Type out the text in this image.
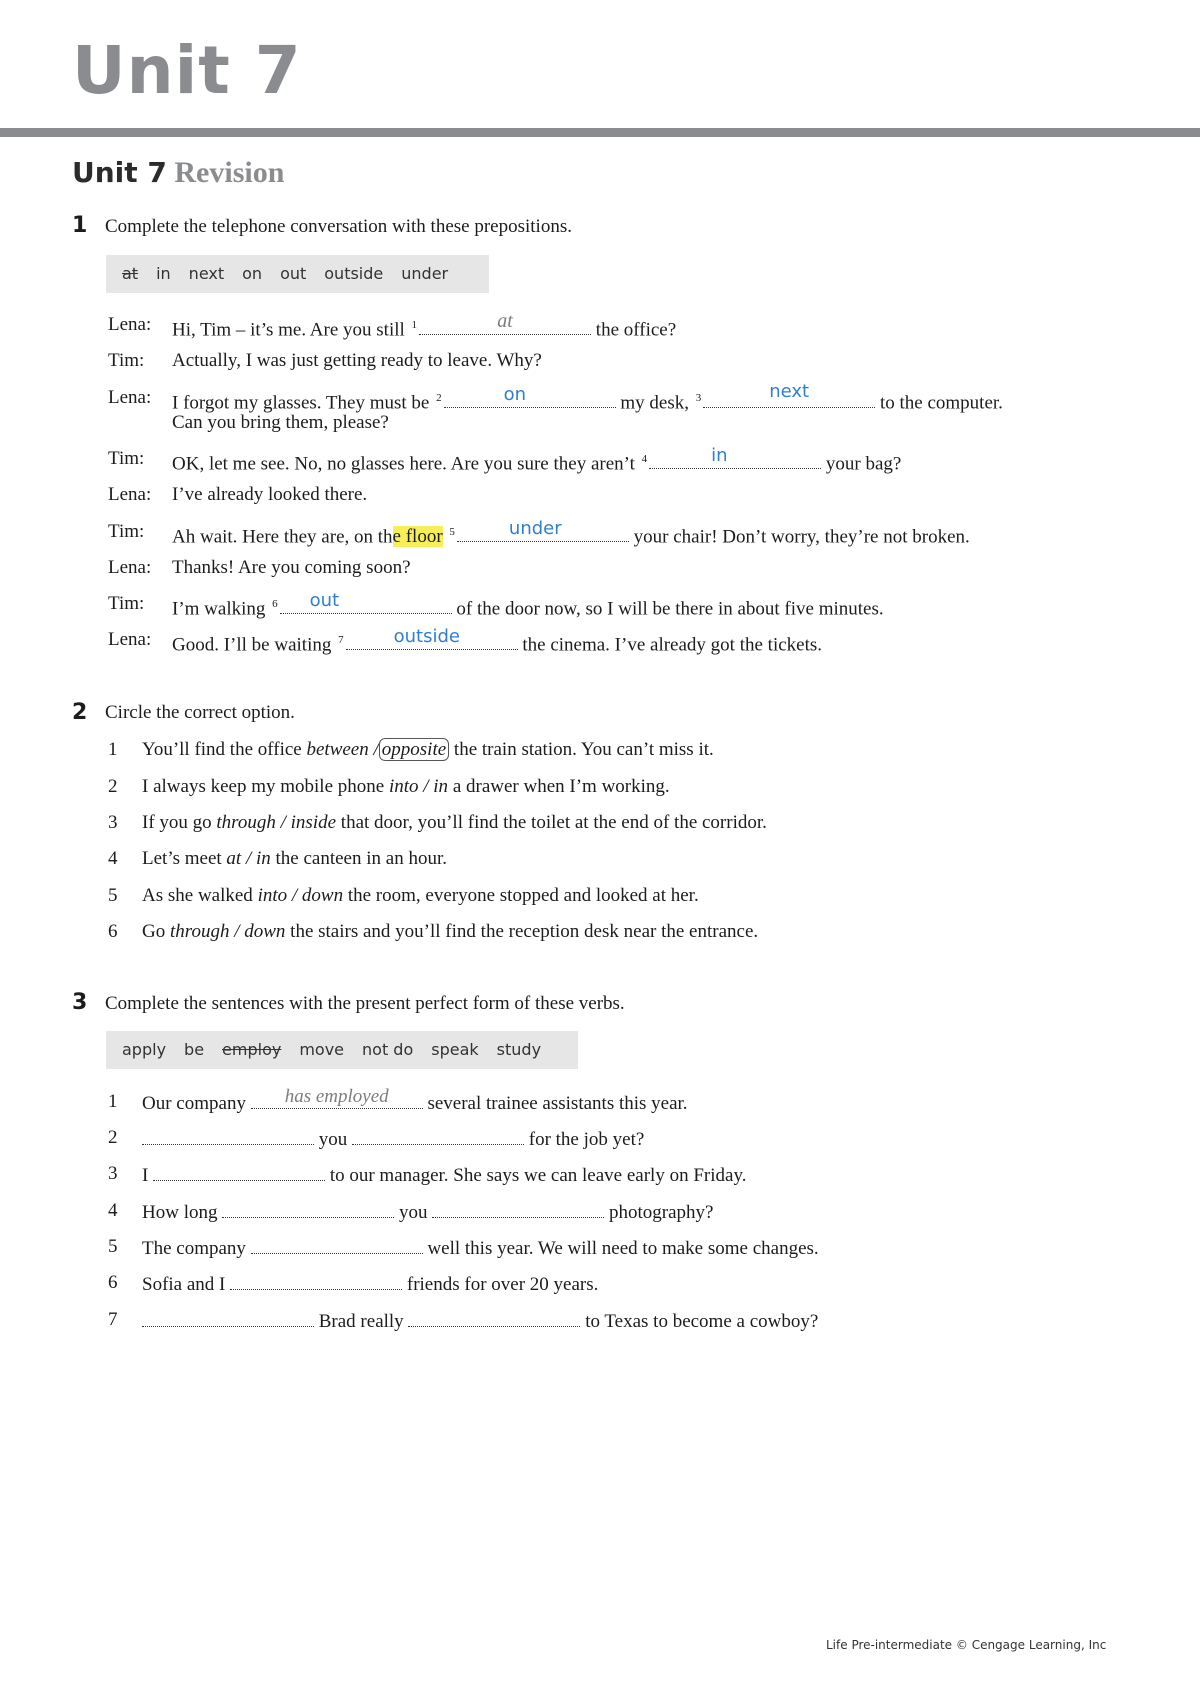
Unit 7
Unit 7 Revision
1 Complete the telephone conversation with these prepositions.
at in next on out outside under
Lena: Hi, Tim – it’s me. Are you still $^1$	at	the office?
Tim: Actually, I was just getting ready to leave. Why?
Lena: I forgot my glasses. They must be $^2$	on	my desk, $^3$	next
to the computer.
Can you bring them, please?
Tim: OK, let me see. No, no glasses here. Are you sure they aren’t $^4$	in	your bag?
Lena: I’ve already looked there.
Tim: Ah wait. Here they are, on the floor $^5$	under	your chair! Don’t worry, they’re not broken.
Lena: Thanks! Are you coming soon?
Tim: I’m walking $^6$	out	of the door now, so I will be there in about five minutes.
Lena: Good. I’ll be waiting $^7$	outside	the cinema. I’ve already got the tickets.
2 Circle the correct option.
1 You’ll find the office between / opposite the train station. You can’t miss it.
2 I always keep my mobile phone into / in a drawer when I’m working.
3 If you go through / inside that door, you’ll find the toilet at the end of the corridor.
4 Let’s meet at / in the canteen in an hour.
5 As she walked into / down the room, everyone stopped and looked at her.
6 Go through / down the stairs and you’ll find the reception desk near the entrance.
3 Complete the sentences with the present perfect form of these verbs.
apply be employ move not do speak study
1 Our company	has employed	several trainee assistants this year.
2	you	for the job yet?
3 I	to our manager. She says we can leave early on Friday.
4 How long	you	photography?
5 The company	well this year. We will need to make some changes.
6 Sofia and I	friends for over 20 years.
7	Brad really	to Texas to become a cowboy?
Life Pre-intermediate © Cengage Learning, Inc
